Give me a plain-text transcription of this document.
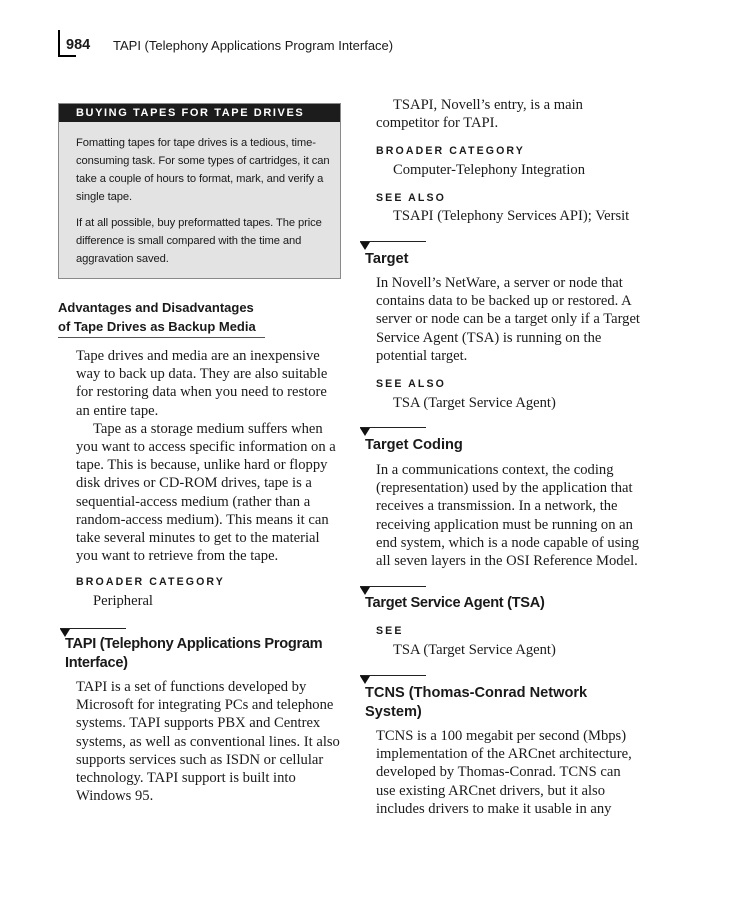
984 TAPI (Telephony Applications Program Interface)
BUYING TAPES FOR TAPE DRIVES

Fomatting tapes for tape drives is a tedious, time-consuming task. For some types of cartridges, it can take a couple of hours to format, mark, and verify a single tape.

If at all possible, buy preformatted tapes. The price difference is small compared with the time and aggravation saved.

Advantages and Disadvantages
of Tape Drives as Backup Media

Tape drives and media are an inexpensive way to back up data. They are also suitable for restoring data when you need to restore an entire tape.

Tape as a storage medium suffers when you want to access specific information on a tape. This is because, unlike hard or floppy disk drives or CD-ROM drives, tape is a sequential-access medium (rather than a random-access medium). This means it can take several minutes to get to the material you want to retrieve from the tape.

BROADER CATEGORY
Peripheral
TAPI (Telephony Applications Program Interface)
TAPI is a set of functions developed by Microsoft for integrating PCs and telephone systems. TAPI supports PBX and Centrex systems, as well as conventional lines. It also supports services such as ISDN or cellular technology. TAPI support is built into Windows 95.
TSAPI, Novell’s entry, is a main competitor for TAPI.
BROADER CATEGORY
Computer-Telephony Integration
SEE ALSO
TSAPI (Telephony Services API); Versit
Target
In Novell’s NetWare, a server or node that contains data to be backed up or restored. A server or node can be a target only if a Target Service Agent (TSA) is running on the potential target.
SEE ALSO
TSA (Target Service Agent)
Target Coding
In a communications context, the coding (representation) used by the application that receives a transmission. In a network, the receiving application must be running on an end system, which is a node capable of using all seven layers in the OSI Reference Model.
Target Service Agent (TSA)
SEE
TSA (Target Service Agent)
TCNS (Thomas-Conrad Network System)
TCNS is a 100 megabit per second (Mbps) implementation of the ARCnet architecture, developed by Thomas-Conrad. TCNS can use existing ARCnet drivers, but it also includes drivers to make it usable in any
